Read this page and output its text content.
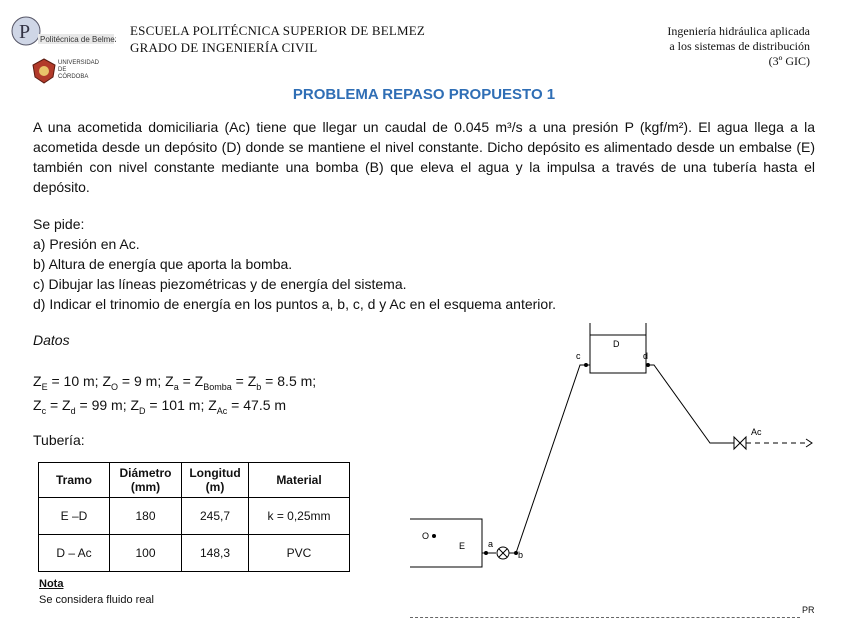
P Politécnica de Belmez
UNIVERSIDAD DE CÓRDOBA
ESCUELA POLITÉCNICA SUPERIOR DE BELMEZ
GRADO DE INGENIERÍA CIVIL
Ingeniería hidráulica aplicada
a los sistemas de distribución
(3º GIC)
PROBLEMA REPASO PROPUESTO 1
A una acometida domiciliaria (Ac) tiene que llegar un caudal de 0.045 m³/s a una presión P (kgf/m²). El agua llega a la acometida desde un depósito (D) donde se mantiene el nivel constante. Dicho depósito es alimentado desde un embalse (E) también con nivel constante mediante una bomba (B) que eleva el agua y la impulsa a través de una tubería hasta el depósito.
Se pide:
a) Presión en Ac.
b) Altura de energía que aporta la bomba.
c) Dibujar las líneas piezométricas y de energía del sistema.
d) Indicar el trinomio de energía en los puntos a, b, c, d y Ac en el esquema anterior.
Datos
$Z_E = 10$ m; $Z_O = 9$ m; $Z_a = Z_{Bomba} = Z_b = 8.5$ m;
$Z_c = Z_d = 99$ m; $Z_D = 101$ m; $Z_{Ac} = 47.5$ m
Tubería:
Tramo	Diámetro (mm)	Longitud (m)	Material
E –D	180	245,7	k = 0,25mm
D – Ac	100	148,3	PVC
Nota
Se considera fluido real
D
c	d
Ac
O
E	a
b
PR
